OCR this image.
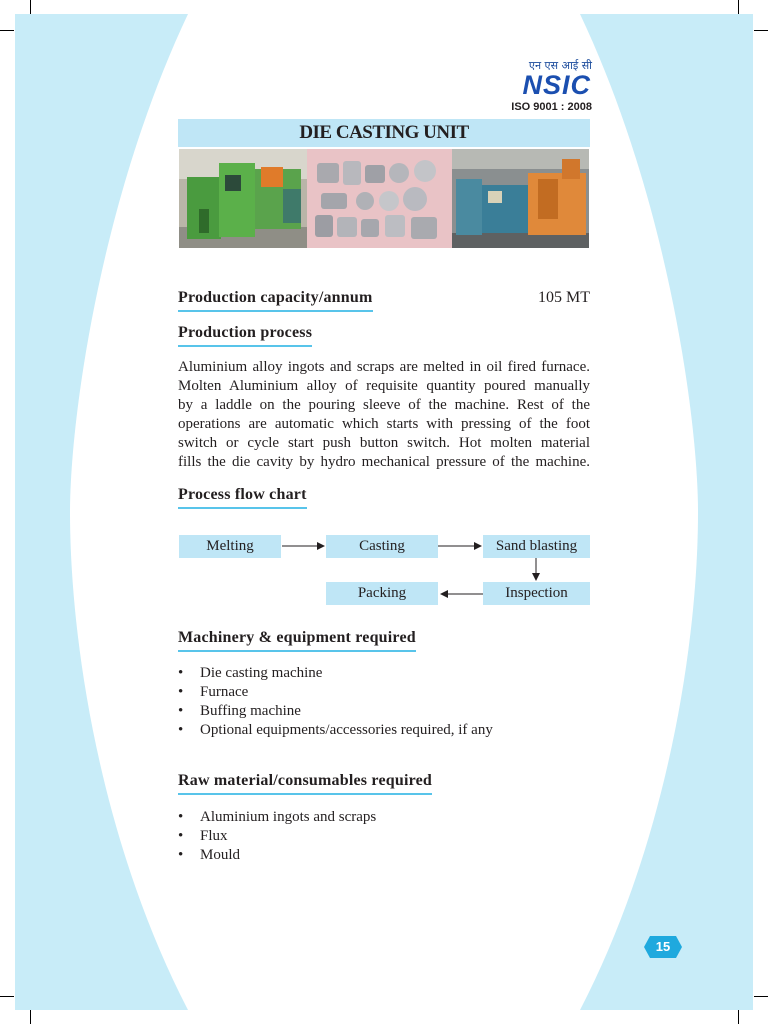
एन एस आई सी
NSIC
ISO 9001 : 2008
DIE CASTING UNIT
Production capacity/annum	105 MT
Production process
Aluminium alloy ingots and scraps are melted in oil fired furnace.
Molten Aluminium alloy of requisite quantity poured manually
by a laddle on the pouring sleeve of the machine. Rest of the
operations are automatic which starts with pressing of the foot
switch or cycle start push button switch. Hot molten material
fills the die cavity by hydro mechanical pressure of the machine.
Process flow chart
Melting	Casting	Sand blasting
Inspection
Packing
Machinery & equipment required
• Die casting machine
• Furnace
• Buffing machine
• Optional equipments/accessories required, if any
Raw material/consumables required
• Aluminium ingots and scraps
• Flux
• Mould
15
